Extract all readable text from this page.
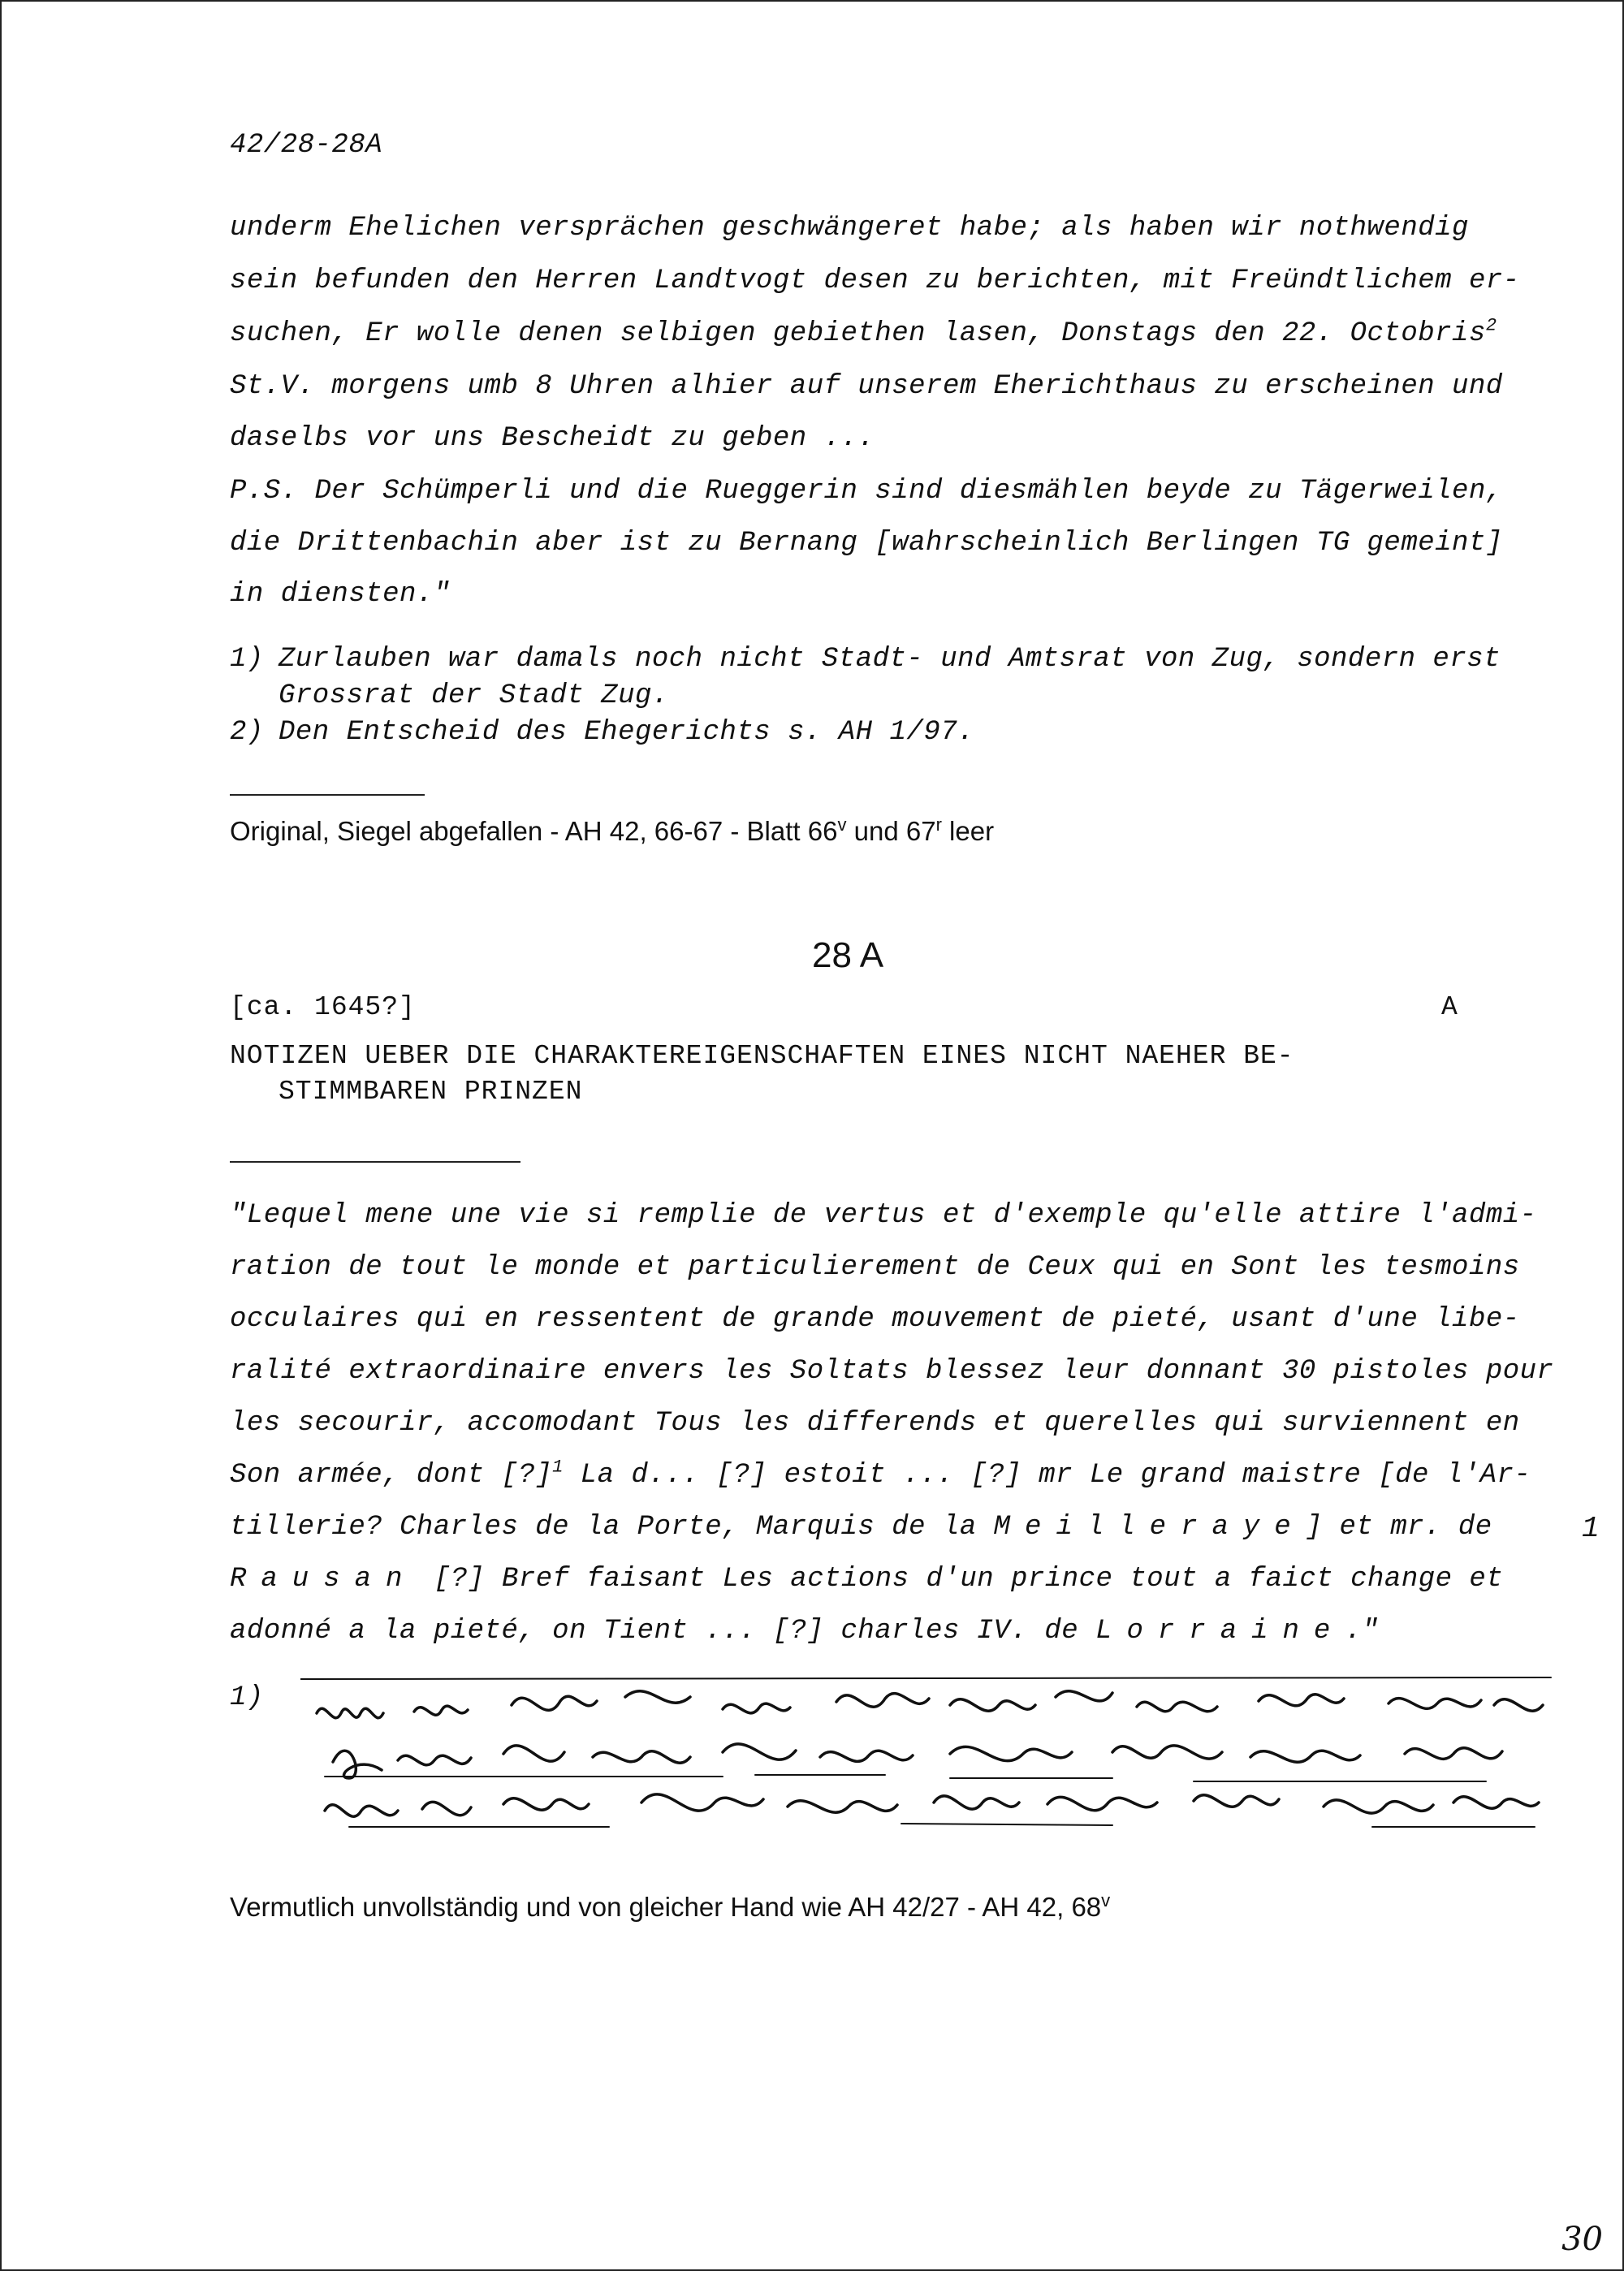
42/28-28A
underm Ehelichen versprächen geschwängeret habe; als haben wir nothwendig
sein befunden den Herren Landtvogt desen zu berichten, mit Freündtlichem er-
suchen, Er wolle denen selbigen gebiethen lasen, Donstags den 22. Octobris$^2$
St.V. morgens umb 8 Uhren alhier auf unserem Eherichthaus zu erscheinen und
daselbs vor uns Bescheidt zu geben ...
P.S. Der Schümperli und die Rueggerin sind diesmählen beyde zu Tägerweilen,
die Drittenbachin aber ist zu Bernang [wahrscheinlich Berlingen TG gemeint]
in diensten."
1) Zurlauben war damals noch nicht Stadt- und Amtsrat von Zug, sondern erst
Grossrat der Stadt Zug.
2) Den Entscheid des Ehegerichts s. AH 1/97.
Original, Siegel abgefallen - AH 42, 66-67 - Blatt 66$^v$ und 67$^r$ leer
28 A
[ca. 1645?]	A
NOTIZEN UEBER DIE CHARAKTEREIGENSCHAFTEN EINES NICHT NAEHER BE-
STIMMBAREN PRINZEN
"Lequel mene une vie si remplie de vertus et d'exemple qu'elle attire l'admi-
ration de tout le monde et particulierement de Ceux qui en Sont les tesmoins
occulaires qui en ressentent de grande mouvement de pieté, usant d'une libe-
ralité extraordinaire envers les Soltats blessez leur donnant 30 pistoles pour
les secourir, accomodant Tous les differends et querelles qui surviennent en
Son armée, dont [?]$^1$ La d... [?] estoit ... [?] mr Le grand maistre [de l'Ar-
tillerie? Charles de la Porte, Marquis de la Meilleraye] et mr. de	1
Rausan [?] Bref faisant Les actions d'un prince tout a faict change et
adonné a la pieté, on Tient ... [?] charles IV. de Lorraine."
1)
Vermutlich unvollständig und von gleicher Hand wie AH 42/27 - AH 42, 68$^v$
30
